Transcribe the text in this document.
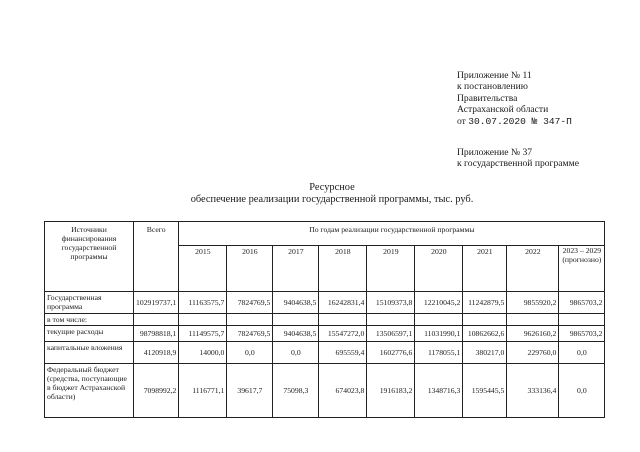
Приложение № 11
к постановлению
Правительства
Астраханской области
от 30.07.2020 № 347-П
Приложение № 37
к государственной программе
Ресурсное
обеспечение реализации государственной программы, тыс. руб.
Источники финансирования государственной программы	Всего	По годам реализации государственной программы								
		2015	2016	2017	2018	2019	2020	2021	2022	2023 – 2029 (прогнозно)
Государственная программа	102919737,1	11163575,7	7824769,5	9404638,5	16242831,4	15109373,8	12210045,2	11242879,5	9855920,2	9865703,2
в том числе:										
текущие расходы	98798818,1	11149575,7	7824769,5	9404638,5	15547272,0	13506597,1	11031990,1	10862662,6	9626160,2	9865703,2
капитальные вложения	4120918,9	14000,0	0,0	0,0	695559,4	1602776,6	1178055,1	380217,0	229760,0	0,0
Федеральный бюджет (средства, поступающие в бюджет Астраханской области)	7098992,2	1116771,1	39617,7	75098,3	674023,8	1916183,2	1348716,3	1595445,5	333136,4	0,0
